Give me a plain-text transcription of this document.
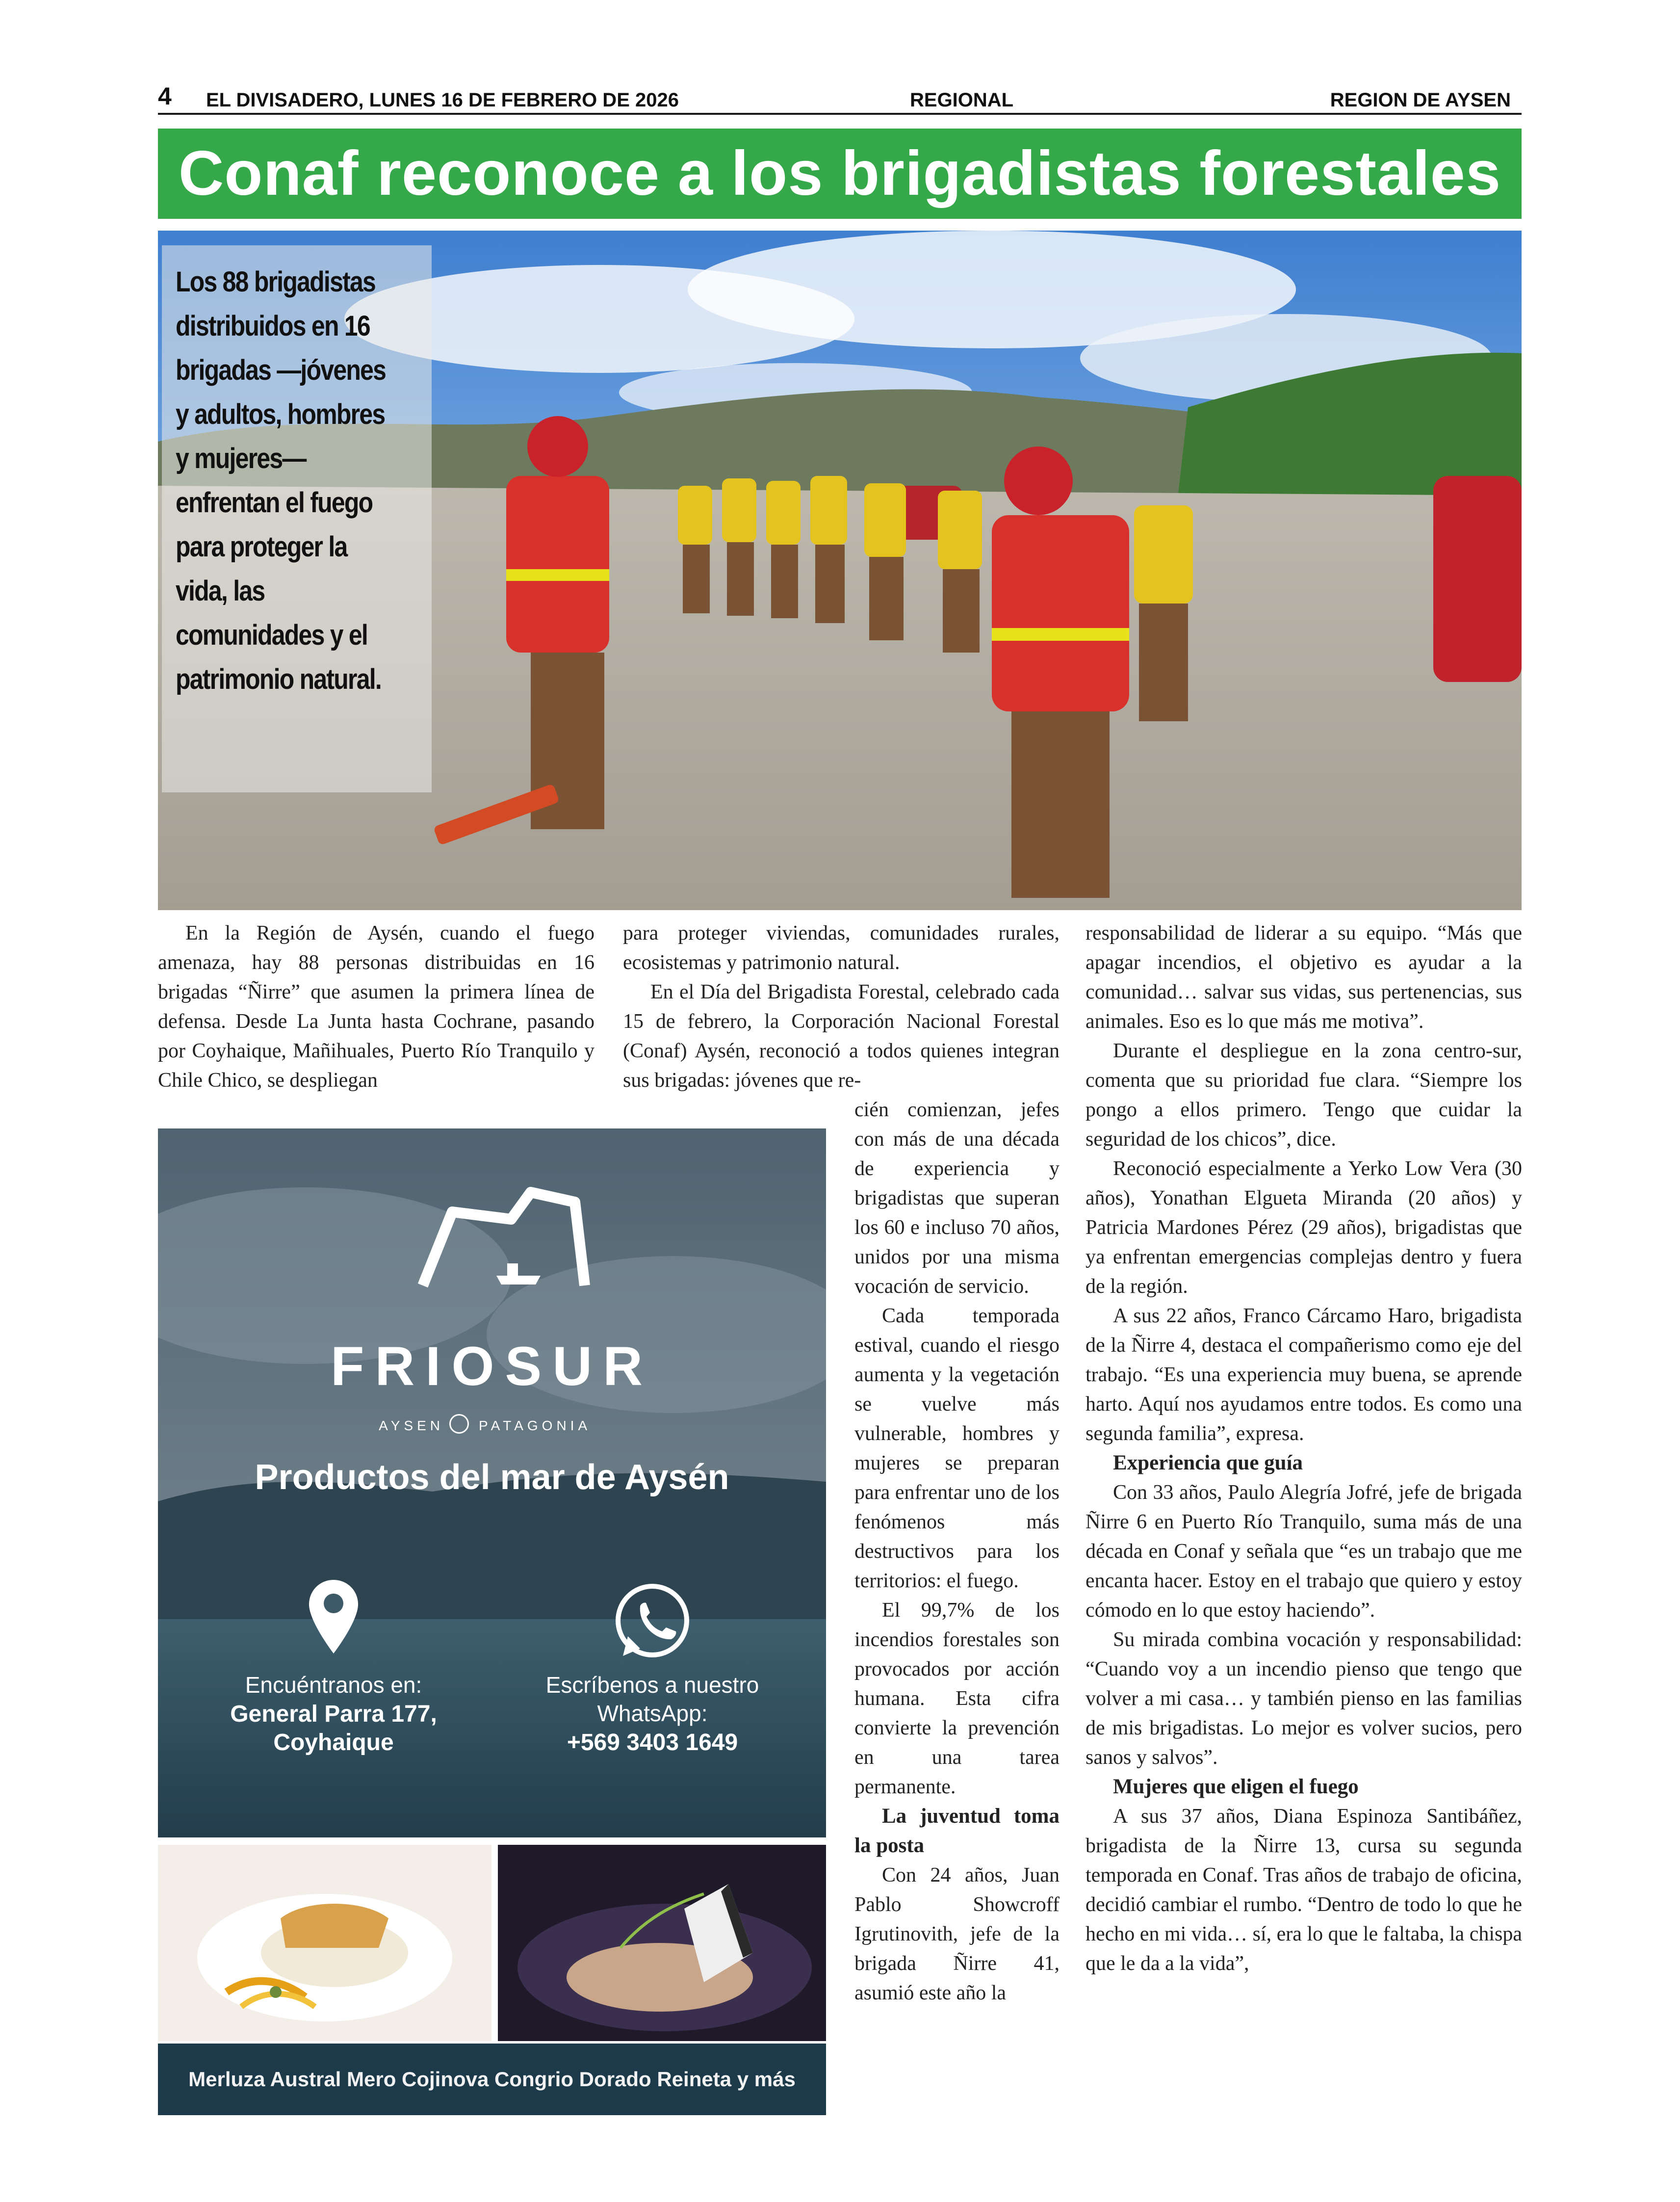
4 EL DIVISADERO, LUNES 16 DE FEBRERO DE 2026	REGIONAL	REGION DE AYSEN
Conaf reconoce a los brigadistas forestales
Los 88 brigadistas distribuidos en 16 brigadas —jóvenes y adultos, hombres y mujeres— enfrentan el fuego para proteger la vida, las comunidades y el patrimonio natural.

En la Región de Aysén, cuando el fuego amenaza, hay 88 personas distribuidas en 16 brigadas “Ñirre” que asumen la primera línea de defensa. Desde La Junta hasta Cochrane, pasando por Coyhaique, Mañihuales, Puerto Río Tranquilo y Chile Chico, se despliegan

para proteger viviendas, comunidades rurales, ecosistemas y patrimonio natural.

En el Día del Brigadista Forestal, celebrado cada 15 de febrero, la Corporación Nacional Forestal (Conaf) Aysén, reconoció a todos quienes integran sus brigadas: jóvenes que re-

cién comienzan, jefes con más de una década de experiencia y brigadistas que superan los 60 e incluso 70 años, unidos por una misma vocación de servicio.

Cada temporada estival, cuando el riesgo aumenta y la vegetación se vuelve más vulnerable, hombres y mujeres se preparan para enfrentar uno de los fenómenos más destructivos para los territorios: el fuego.

El 99,7% de los incendios forestales son provocados por acción humana. Esta cifra convierte la prevención en una tarea permanente.

La juventud toma la posta

Con 24 años, Juan Pablo Showcroff Igrutinovith, jefe de la brigada Ñirre 41, asumió este año la

responsabilidad de liderar a su equipo. “Más que apagar incendios, el objetivo es ayudar a la comunidad… salvar sus vidas, sus pertenencias, sus animales. Eso es lo que más me motiva”.

Durante el despliegue en la zona centro-sur, comenta que su prioridad fue clara. “Siempre los pongo a ellos primero. Tengo que cuidar la seguridad de los chicos”, dice.

Reconoció especialmente a Yerko Low Vera (30 años), Yonathan Elgueta Miranda (20 años) y Patricia Mardones Pérez (29 años), brigadistas que ya enfrentan emergencias complejas dentro y fuera de la región.

A sus 22 años, Franco Cárcamo Haro, brigadista de la Ñirre 4, destaca el compañerismo como eje del trabajo. “Es una experiencia muy buena, se aprende harto. Aquí nos ayudamos entre todos. Es como una segunda familia”, expresa.

Experiencia que guía

Con 33 años, Paulo Alegría Jofré, jefe de brigada Ñirre 6 en Puerto Río Tranquilo, suma más de una década en Conaf y señala que “es un trabajo que me encanta hacer. Estoy en el trabajo que quiero y estoy cómodo en lo que estoy haciendo”.

Su mirada combina vocación y responsabilidad: “Cuando voy a un incendio pienso que tengo que volver a mi casa… y también pienso en las familias de mis brigadistas. Lo mejor es volver sucios, pero sanos y salvos”.

Mujeres que eligen el fuego

A sus 37 años, Diana Espinoza Santibáñez, brigadista de la Ñirre 13, cursa su segunda temporada en Conaf. Tras años de trabajo de oficina, decidió cambiar el rumbo. “Dentro de todo lo que he hecho en mi vida… sí, era lo que le faltaba, la chispa que le da a la vida”,

FRIOSUR
AYSEN	PATAGONIA
Productos del mar de Aysén
Encuéntranos en:
General Parra 177,
Coyhaique
Escríbenos a nuestro
WhatsApp:
+569 3403 1649
Merluza Austral Mero Cojinova Congrio Dorado Reineta y más
